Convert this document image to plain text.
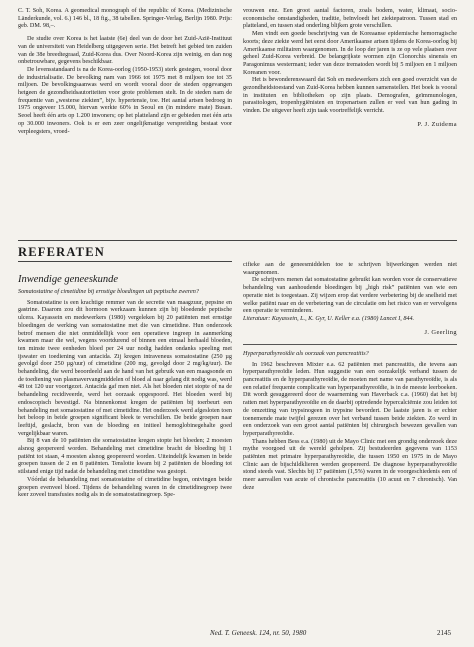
C. T. Soh, Korea. A geomedical monograph of the republic of Korea. (Medizinische Länderkunde, vol. 6.) 146 bl., 18 fig., 38 tabellen. Springer-Verlag, Berlijn 1980. Prijs: geb. DM. 98,–.

De studie over Korea is het laatste (6e) deel van de door het Zuid-Azië-Instituut van de universiteit van Heidelberg uitgegeven serie. Het betreft het gebied ten zuiden van de 38e breedtegraad, Zuid-Korea dus. Over Noord-Korea zijn weinig, en dan nog onbetrouwbare, gegevens beschikbaar.

De levensstandaard is na de Korea-oorlog (1950-1953) sterk gestegen, vooral door de industrialisatie. De bevolking nam van 1966 tot 1975 met 8 miljoen toe tot 35 miljoen. De bevolkingsaanwas werd en wordt vooral door de steden opgevangen hetgeen de gezondheidsautoriteiten voor grote problemen stelt. In de steden nam de frequentie van „westerse ziekten”, bijv. hypertensie, toe. Het aantal artsen bedroeg in 1975 ongeveer 15.000, hiervan werkte 60% in Seoul en (in mindere mate) Busan. Seoel heeft één arts op 1.200 inwoners; op het platteland zijn er gebieden met één arts op 30.000 inwoners. Ook is er een zeer ongelijkmatige verspreiding bestaat voor verpleegsters, vroed-

vrouwen enz. Een groot aantal factoren, zoals bodem, water, klimaat, socio-economische omstandigheden, traditie, beïnvloedt het ziektepatroon. Tussen stad en platteland, en tussen stad onderling blijken grote verschillen.

Men vindt een goede beschrijving van de Koreaanse epidemische hemorragische koorts; deze ziekte werd het eerst door Amerikaanse artsen tijdens de Korea-oorlog bij Amerikaanse militairen waargenomen. In de loop der jaren is ze op vele plaatsen over geheel Zuid-Korea verbreid. De belangrijkste wormen zijn Clonorchis sinensis en Paragonimus westermani; ieder van deze trematoden wordt bij 5 miljoen en 1 miljoen Koreanen voor.

Het is bewonderenswaard dat Soh en medewerkers zich een goed overzicht van de gezondheidstoestand van Zuid-Korea hebben kunnen samenstellen. Het boek is vooral in instituten en bibliotheken op zijn plaats. Demografen, geïmmunologen, parasitologen, tropenhygiënisten en tropenartsen zullen er veel van hun gading in vinden. De uitgever heeft zijn taak voortreffelijk verricht.

P. J. Zuidema
REFERATEN
Inwendige geneeskunde
Somatostatine of cimetidine bij ernstige bloedingen uit peptische zweren?

Somatostatine is een krachtige remmer van de secretie van maagzuur, pepsine en gastrine. Daarom zou dit hormoon werkzaam kunnen zijn bij bloedende peptische ulcera. Kayassein en medewerkers (1980) vergeleken bij 20 patiënten met ernstige bloedingen de werking van somatostatine met die van cimetidine. Hun onderzoek betrof mensen die niet onmiddellijk voor een operatieve ingreep in aanmerking kwamen maar die wel, wegens voortdurend of binnen een etmaal herhaald bloeden, ten minste twee eenheden bloed per 24 uur nodig hadden ondanks speeling met ijswater en toediening van antacida. Zij kregen intraveneus somatostatine (250 µg gevolgd door 250 µg/uur) of cimetidine (200 mg, gevolgd door 2 mg/kg/uur). De behandeling, die werd beoordeeld aan de hand van het gebruik van een maagsonde en de toediening van plasmavervangmiddelen of bloed al naar gelang dit nodig was, werd 48 tot 120 uur voortgezet. Antacida gaf men niet. Als het bloeden niet stopte of na de behandeling recidiveerde, werd het oorzaak opgespoord. Het bloeden werd bij endoscopisch bevestigd. Na binnenkomst kregen de patiënten bij toerbeurt een behandeling met somatostatine of met cimetidine. Het onderzoek werd afgesloten toen het beloop in beide groepen significant bleek te verschillen. De beide groepen naar leeftijd, geslacht, bron van de bloeding en initieel hemoglobinegehalte goed vergelijkbaar waren.

Bij 8 van de 10 patiënten die somatostatine kregen stopte het bloeden; 2 moesten alsnog geopereerd worden. Behandeling met cimetidine bracht de bloeding bij 1 patiënt tot staan, 4 moesten alsnog geopereerd worden. Uiteindelijk kwamen in beide groepen tussen de 2 en 8 patiënten. Tenslotte kwam bij 2 patiënten de bloeding tot stilstand enige tijd nadat de behandeling met cimetidine was gestopt.

Vóórdat de behandeling met somatostatine of cimetidine begon, ontvingen beide groepen evenveel bloed. Tijdens de behandeling waren in de cimetidinegroep twee keer zoveel transfusies nodig als in de somatostatinegroep. Spe-

cifieke aan de geneesmiddelen toe te schrijven bijwerkingen werden niet waargenomen.

De schrijvers menen dat somatostatine gebruikt kan worden voor de conservatieve behandeling van aanhoudende bloedingen bij „high risk” patiënten van wie een operatie niet is toegestaan. Zij wijzen erop dat verdere verbetering bij de snelheid met welke patiënt naar en de verbetering van de circulatie om het risico van er vervolgens een operatie te verminderen.

Literatuur: Kayassein, L., K. Gyr, U. Keller e.a. (1980) Lancet I, 844.

J. Geerling
Hyperparathyreoïdie als oorzaak van pancreatitis?

In 1962 beschreven Mixter e.a. 62 patiënten met pancreatitis, die tevens aan hyperparathyreoïdie leden. Hun suggestie van een oorzakelijk verband tussen de pancreatitis en de hyperparathyreoïdie, de moeten met name van parathyreoïdie, is als een relatief frequente complicatie van hyperparathyreoïdie, is in de meeste leerboeken. Dit wordt gesuggereerd door de waarneming van Haverback c.a. (1960) dat het bij ratten met hyperparathyreoïdie en de daarbij optredende hypercalciëmie zou leiden tot de omzetting van trypsinogeen in trypsine bevordert. De laatste jaren is er echter toenemende mate twijfel gerezen over het verband tussen beide ziekten. Zo werd in een onderzoek van een groot aantal patiënten bij chirurgisch bewezen gevallen van hyperparathyreoïdie.

Thans hebben Bess e.a. (1980) uit de Mayo Clinic met een grondig onderzoek deze mythe voorgoed uit de wereld geholpen. Zij bestudeerden gegevens van 1153 patiënten met primaire hyperparathyreoïdie, die tussen 1950 en 1975 in de Mayo Clinic aan de bijschildklieren werden geopereerd. De diagnose hyperparathyreoïdie stond steeds vast. Slechts bij 17 patiënten (1,5%) waren in de voorgeschiedenis een of meer aanvallen van acute of chronische pancreatitis (10 acuut en 7 chronisch). Van deze

Ned. T. Geneesk. 124, nr. 50, 1980	2145
